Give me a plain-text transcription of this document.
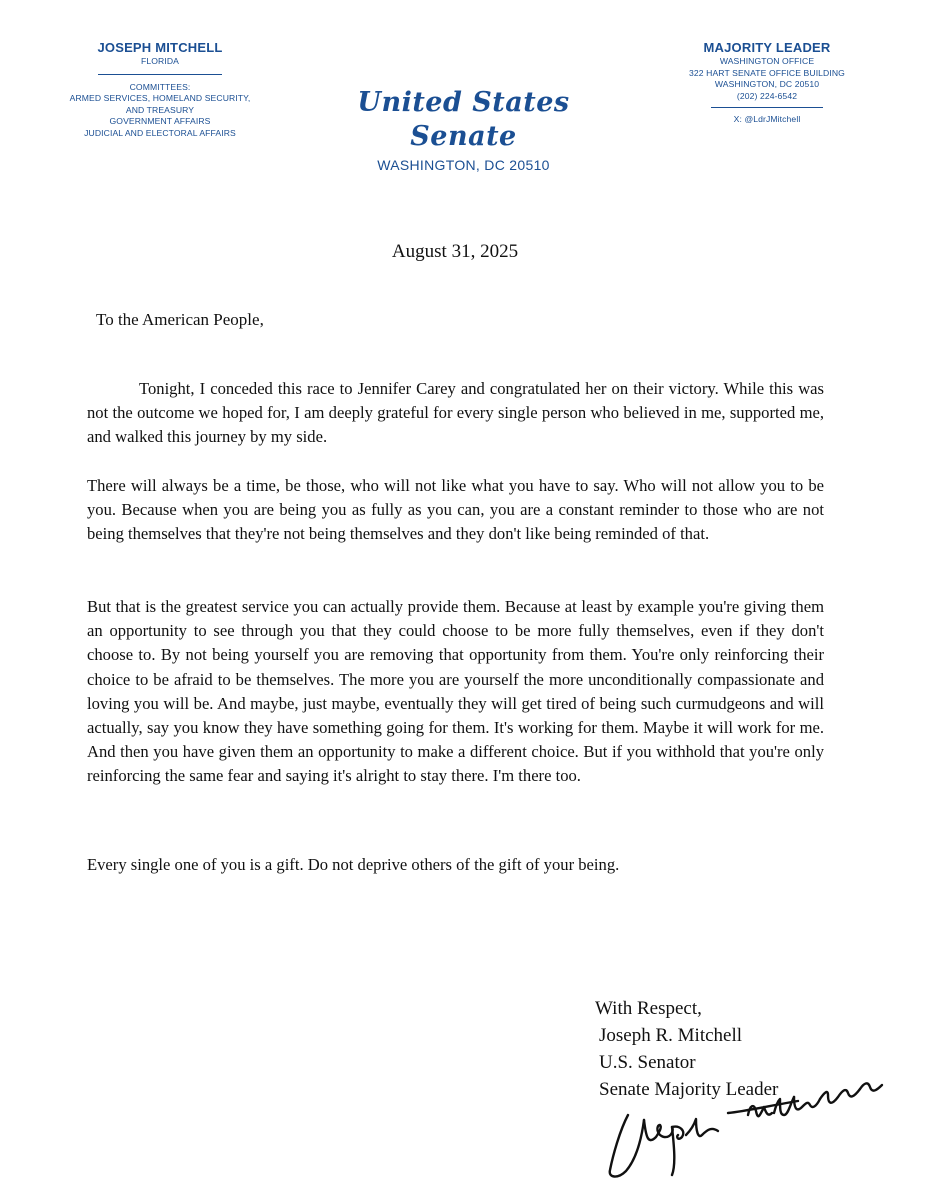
JOSEPH MITCHELL
FLORIDA
COMMITTEES:
ARMED SERVICES, HOMELAND SECURITY,
AND TREASURY
GOVERNMENT AFFAIRS
JUDICIAL AND ELECTORAL AFFAIRS
United States Senate
WASHINGTON, DC 20510
MAJORITY LEADER
WASHINGTON OFFICE
322 HART SENATE OFFICE BUILDING
WASHINGTON, DC 20510
(202) 224-6542
X: @LdrJMitchell
August 31, 2025
To the American People,

Tonight, I conceded this race to Jennifer Carey and congratulated her on their victory. While this was not the outcome we hoped for, I am deeply grateful for every single person who believed in me, supported me, and walked this journey by my side.

There will always be a time, be those, who will not like what you have to say. Who will not allow you to be you. Because when you are being you as fully as you can, you are a constant reminder to those who are not being themselves that they're not being themselves and they don't like being reminded of that.

But that is the greatest service you can actually provide them. Because at least by example you're giving them an opportunity to see through you that they could choose to be more fully themselves, even if they don't choose to. By not being yourself you are removing that opportunity from them. You're only reinforcing their choice to be afraid to be themselves. The more you are yourself the more unconditionally compassionate and loving you will be. And maybe, just maybe, eventually they will get tired of being such curmudgeons and will actually, say you know they have something going for them. It's working for them. Maybe it will work for me. And then you have given them an opportunity to make a different choice. But if you withhold that you're only reinforcing the same fear and saying it's alright to stay there. I'm there too.

Every single one of you is a gift. Do not deprive others of the gift of your being.

With Respect,
Joseph R. Mitchell
U.S. Senator
Senate Majority Leader
